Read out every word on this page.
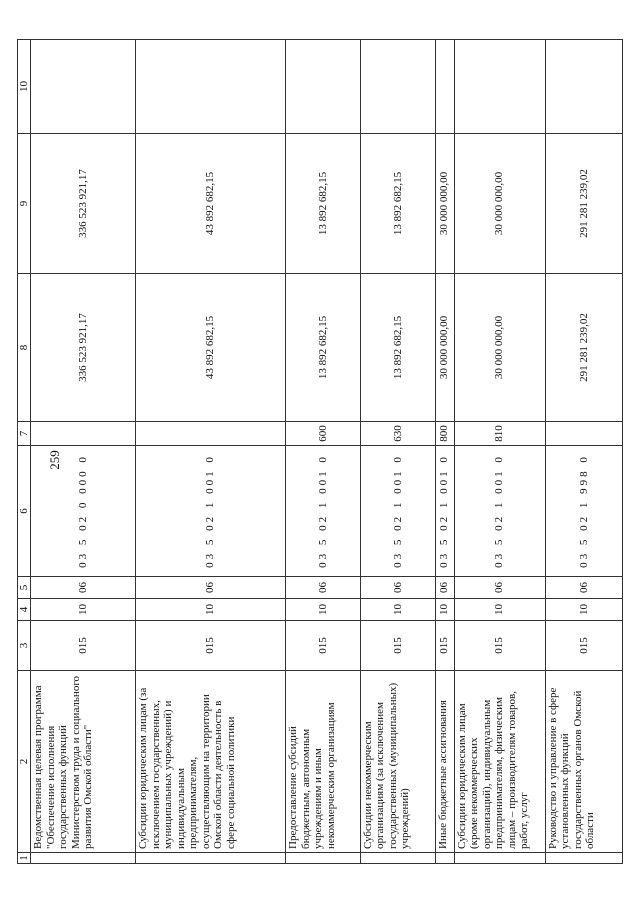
259
1	2	3	4	5	6	7	8	9	10
	Ведомственная целевая программа "Обеспечение исполнения государственных функций Министерством труда и социального развития Омской области"	015	10	06	03 5 02 0 000 0		336 523 921,17	336 523 921,17	
	Субсидии юридическим лицам (за исключением государственных, муниципальных учреждений) и индивидуальным предпринимателям, осуществляющим на территории Омской области деятельность в сфере социальной политики	015	10	06	03 5 02 1 001 0		43 892 682,15	43 892 682,15	
	Предоставление субсидий бюджетным, автономным учреждениям и иным некоммерческим организациям	015	10	06	03 5 02 1 001 0	600	13 892 682,15	13 892 682,15	
	Субсидии некоммерческим организациям (за исключением государственных (муниципальных) учреждений)	015	10	06	03 5 02 1 001 0	630	13 892 682,15	13 892 682,15	
	Иные бюджетные ассигнования	015	10	06	03 5 02 1 001 0	800	30 000 000,00	30 000 000,00	
	Субсидии юридическим лицам (кроме некоммерческих организаций), индивидуальным предпринимателям, физическим лицам – производителям товаров, работ, услуг	015	10	06	03 5 02 1 001 0	810	30 000 000,00	30 000 000,00	
	Руководство и управление в сфере установленных функций государственных органов Омской области	015	10	06	03 5 02 1 998 0		291 281 239,02	291 281 239,02	
